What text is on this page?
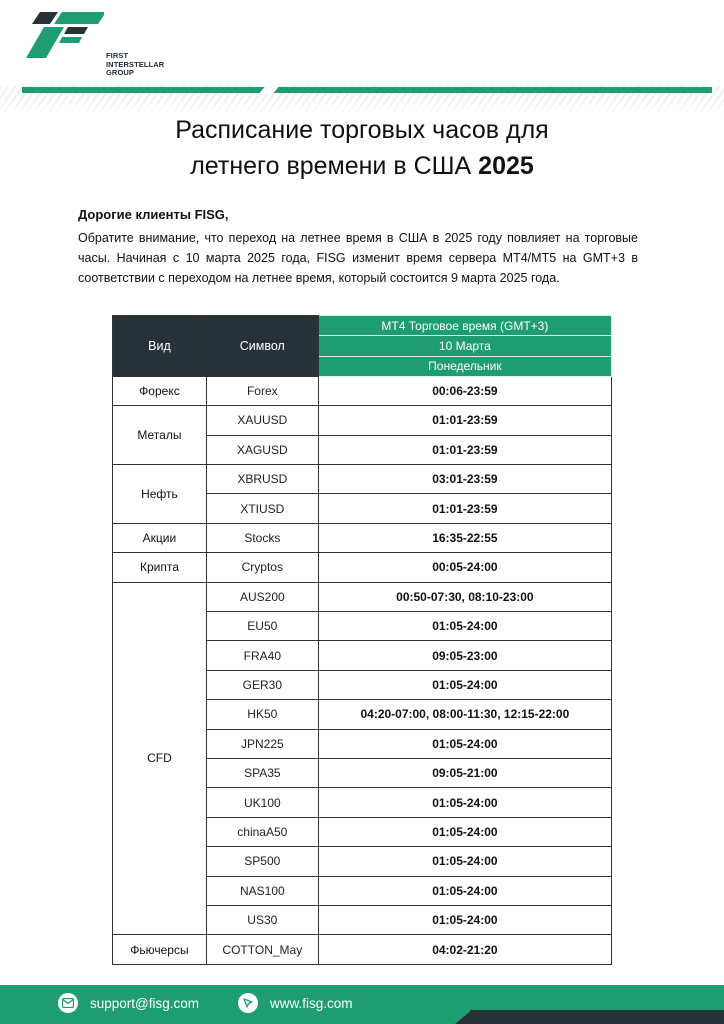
FIRST
INTERSTELLAR
GROUP
Расписание торговых часов для
летнего времени в США 2025
Дорогие клиенты FISG,
Обратите внимание, что переход на летнее время в США в 2025 году повлияет на торговые часы. Начиная с 10 марта 2025 года, FISG изменит время сервера MT4/MT5 на GMT+3 в соответствии с переходом на летнее время, который состоится 9 марта 2025 года.
Вид	Символ	MT4 Торговое время (GMT+3)
		10 Марта
		Понедельник
Форекс	Forex	00:06-23:59
Металы	XAUUSD	01:01-23:59
	XAGUSD	01:01-23:59
Нефть	XBRUSD	03:01-23:59
	XTIUSD	01:01-23:59
Акции	Stocks	16:35-22:55
Крипта	Cryptos	00:05-24:00
CFD	AUS200	00:50-07:30, 08:10-23:00
	EU50	01:05-24:00
	FRA40	09:05-23:00
	GER30	01:05-24:00
	HK50	04:20-07:00, 08:00-11:30, 12:15-22:00
	JPN225	01:05-24:00
	SPA35	09:05-21:00
	UK100	01:05-24:00
	chinaA50	01:05-24:00
	SP500	01:05-24:00
	NAS100	01:05-24:00
	US30	01:05-24:00
Фьючерсы	COTTON_May	04:02-21:20
support@fisg.com	www.fisg.com
